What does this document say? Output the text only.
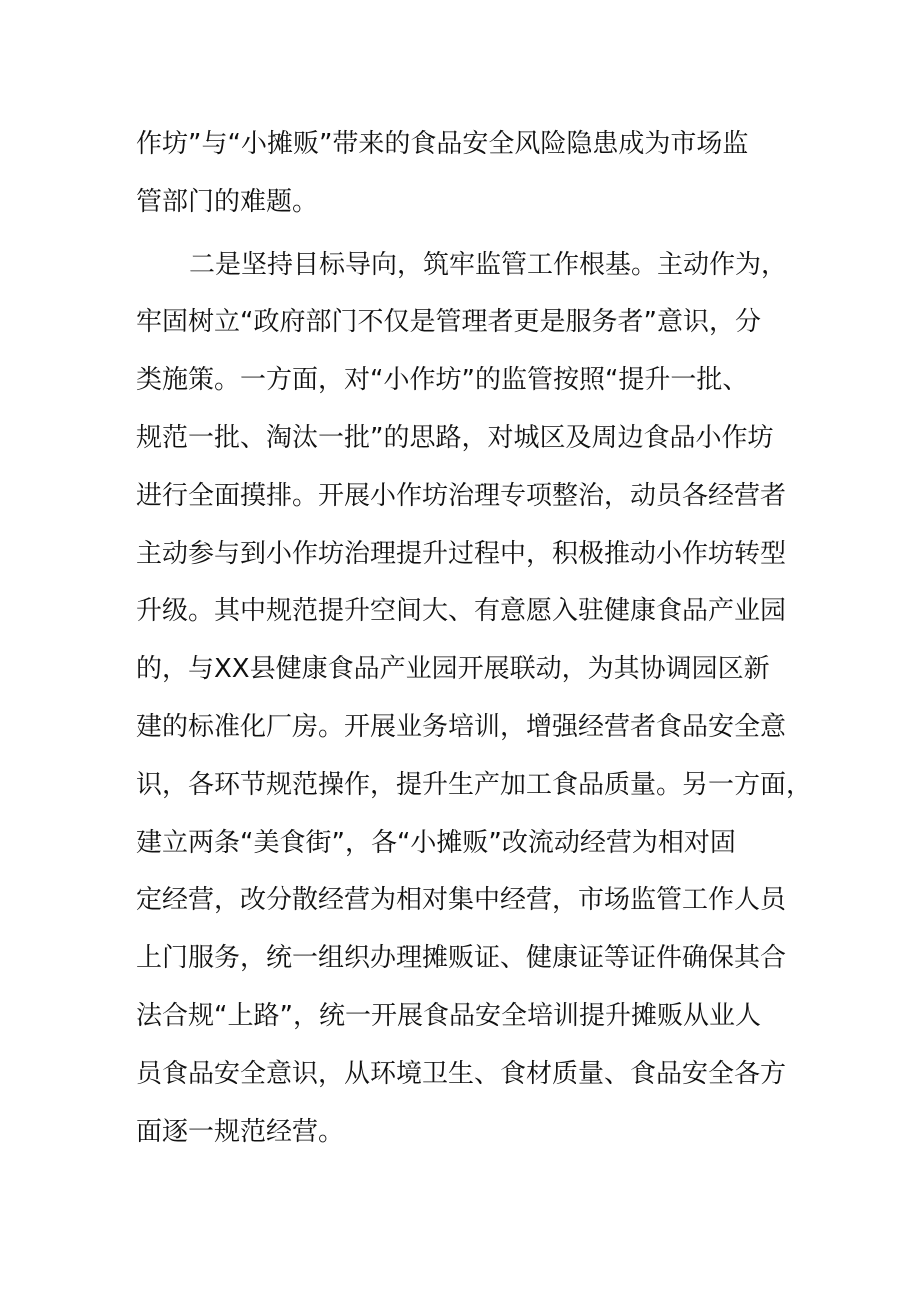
作坊”与“小摊贩”带来的食品安全风险隐患成为市场监
管部门的难题。
二是坚持目标导向，筑牢监管工作根基。主动作为，
牢固树立“政府部门不仅是管理者更是服务者”意识，分
类施策。一方面，对“小作坊”的监管按照“提升一批、
规范一批、淘汰一批”的思路，对城区及周边食品小作坊
进行全面摸排。开展小作坊治理专项整治，动员各经营者
主动参与到小作坊治理提升过程中，积极推动小作坊转型
升级。其中规范提升空间大、有意愿入驻健康食品产业园
的，与XX县健康食品产业园开展联动，为其协调园区新
建的标准化厂房。开展业务培训，增强经营者食品安全意
识，各环节规范操作，提升生产加工食品质量。另一方面，
建立两条“美食街”，各“小摊贩”改流动经营为相对固
定经营，改分散经营为相对集中经营，市场监管工作人员
上门服务，统一组织办理摊贩证、健康证等证件确保其合
法合规“上路”，统一开展食品安全培训提升摊贩从业人
员食品安全意识，从环境卫生、食材质量、食品安全各方
面逐一规范经营。
